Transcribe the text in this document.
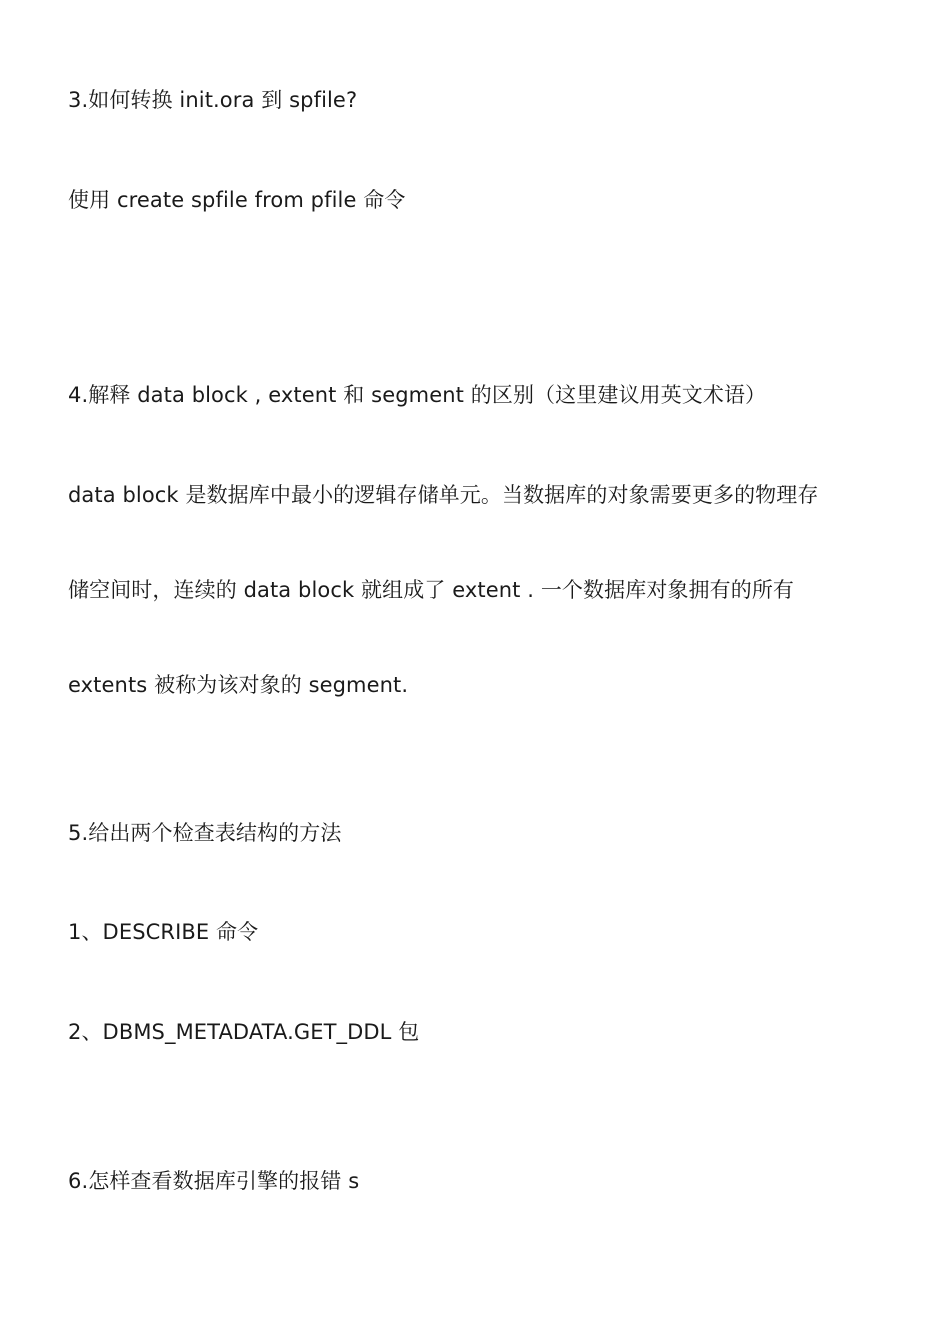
3.如何转换 init.ora 到 spfile?
使用 create spfile from pfile 命令
4.解释 data block , extent 和 segment 的区别（这里建议用英文术语）
data block 是数据库中最小的逻辑存储单元。当数据库的对象需要更多的物理存
储空间时，连续的 data block 就组成了 extent . 一个数据库对象拥有的所有
extents 被称为该对象的 segment.
5.给出两个检查表结构的方法
1、DESCRIBE 命令
2、DBMS_METADATA.GET_DDL 包
6.怎样查看数据库引擎的报错 s
